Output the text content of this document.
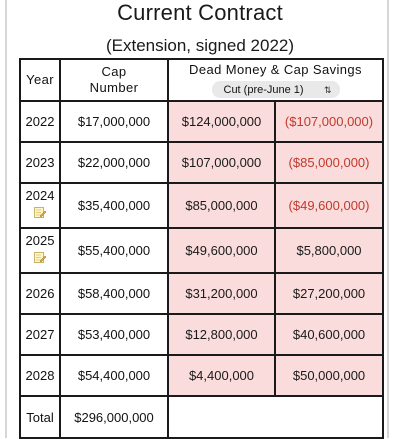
Current Contract
(Extension, signed 2022)
Year	Cap Number	Dead Money & Cap Savings
Cut (pre-June 1) ⇅	

2022	$17,000,000	$124,000,000	($107,000,000)
2023	$22,000,000	$107,000,000	($85,000,000)
2024	$35,400,000	$85,000,000	($49,600,000)
2025	$55,400,000	$49,600,000	$5,800,000
2026	$58,400,000	$31,200,000	$27,200,000
2027	$53,400,000	$12,800,000	$40,600,000
2028	$54,400,000	$4,400,000	$50,000,000
Total	$296,000,000		
